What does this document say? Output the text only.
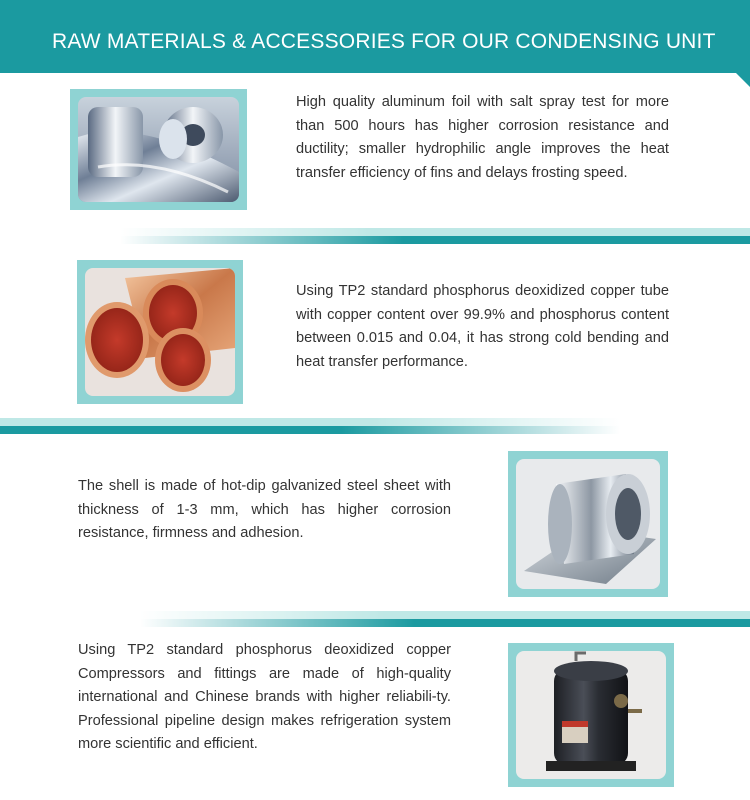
RAW MATERIALS & ACCESSORIES FOR OUR CONDENSING UNIT
High quality aluminum foil with salt spray test for more than 500 hours has higher corrosion resistance and ductility; smaller hydrophilic angle improves the heat transfer efficiency of fins and delays frosting speed.
Using TP2 standard phosphorus deoxidized copper tube with copper content over 99.9% and phosphorus content between 0.015 and 0.04, it has strong cold bending and heat transfer performance.
The shell is made of hot-dip galvanized steel sheet with thickness of 1-3 mm, which has higher corrosion resistance, firmness and adhesion.
Using TP2 standard phosphorus deoxidized copper Compressors and fittings are made of high-quality international and Chinese brands with higher reliabili-ty. Professional pipeline design makes refrigeration system more scientific and efficient.
